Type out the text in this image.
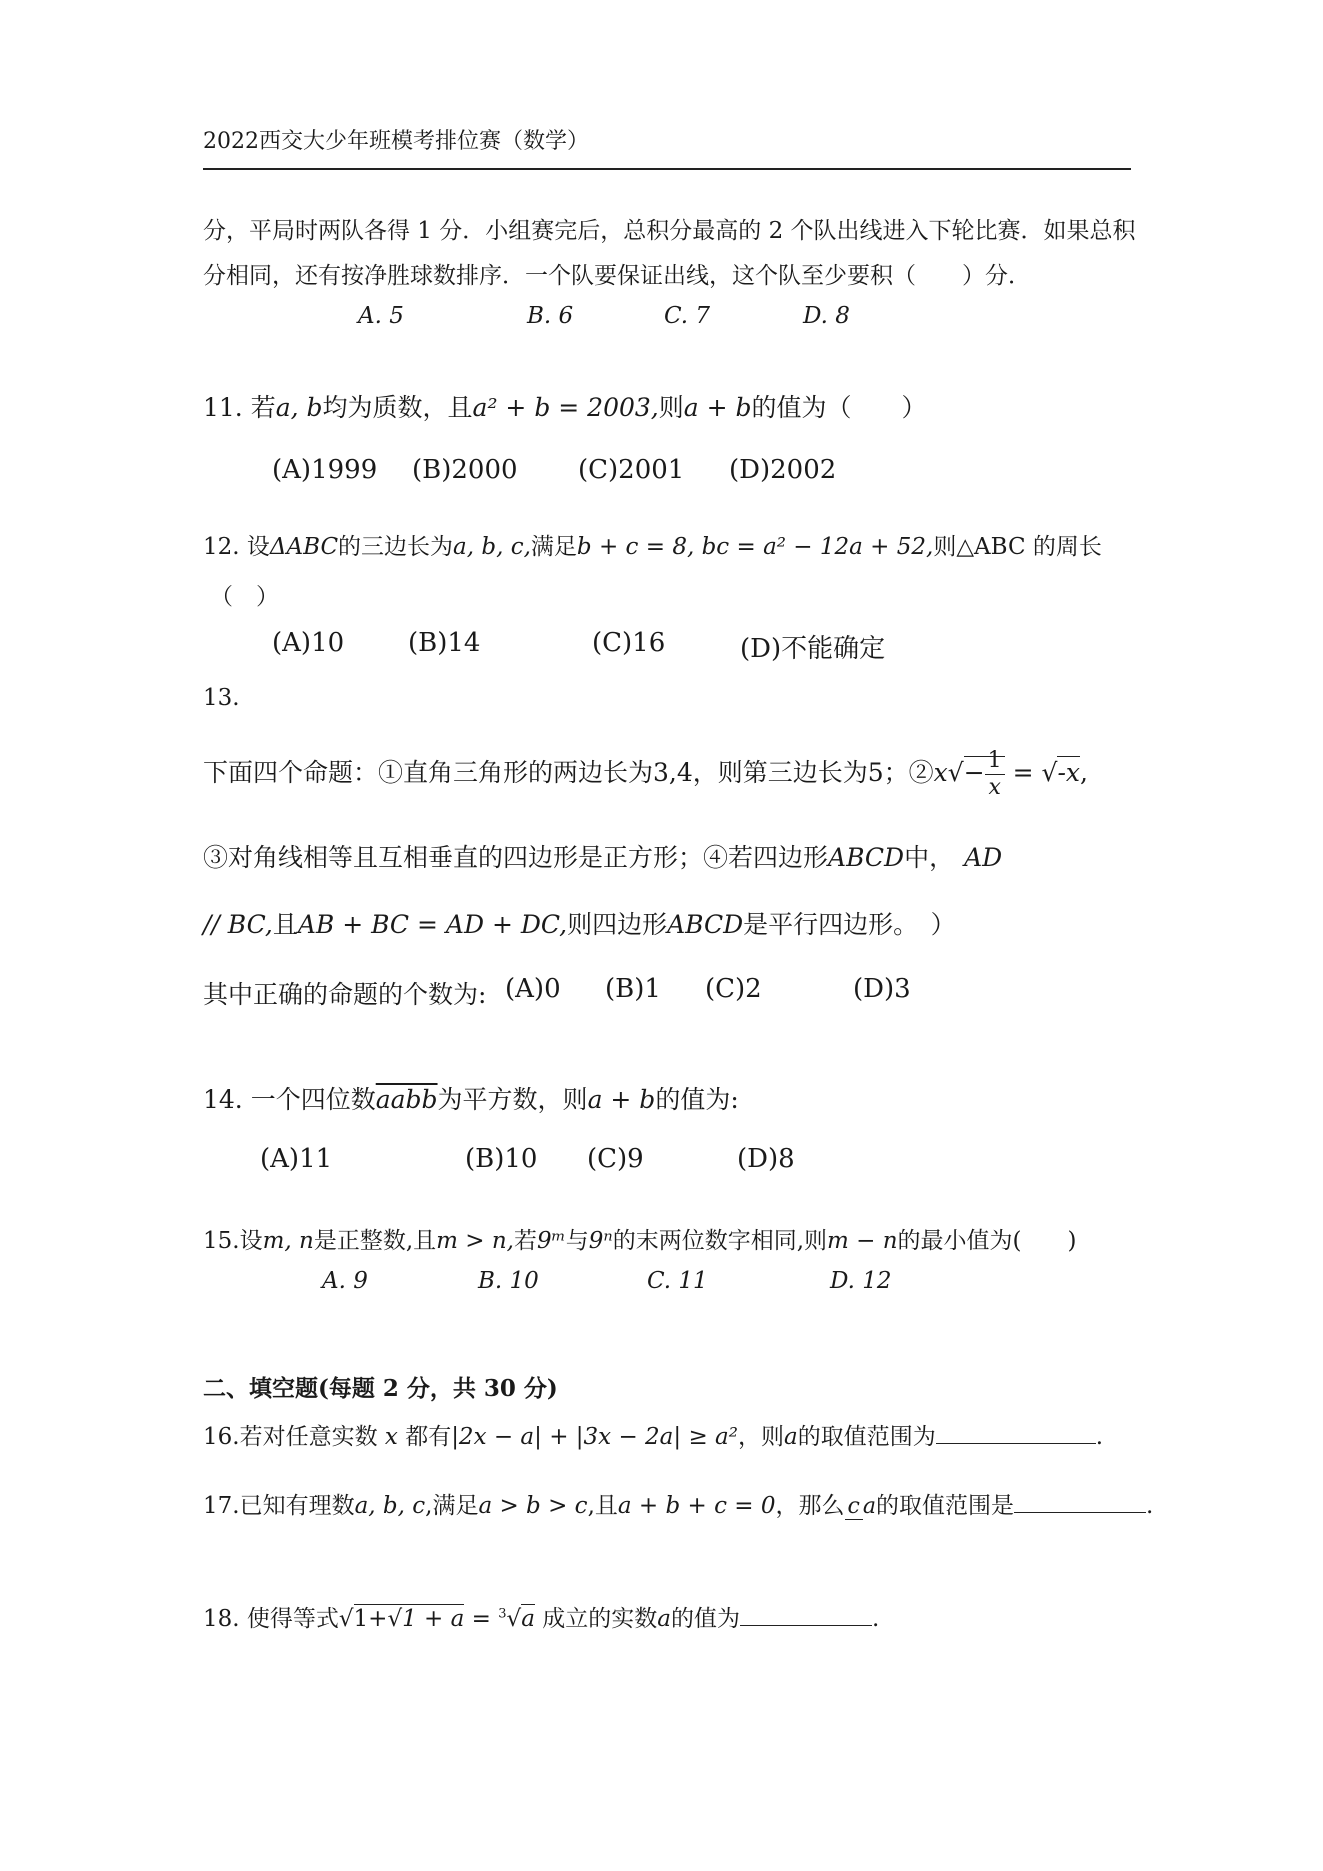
2022西交大少年班模考排位赛（数学）
分，平局时两队各得 1 分．小组赛完后，总积分最高的 2 个队出线进入下轮比赛．如果总积
分相同，还有按净胜球数排序．一个队要保证出线，这个队至少要积（　　）分．
A. 5	B. 6	C. 7	D. 8
11. 若a, b均为质数，且a² + b = 2003,则a + b的值为（　　）
(A)1999 (B)2000 (C)2001 (D)2002
12. 设ΔABC的三边长为a, b, c,满足b + c = 8, bc = a² − 12a + 52,则△ABC 的周长
（　）
(A)10 (B)14	(C)16	(D)不能确定
13.
下面四个命题：①直角三角形的两边长为3,4，则第三边长为5；②x√− $\frac{1}{x} = √-x$,
③对角线相等且互相垂直的四边形是正方形；④若四边形ABCD中， AD
// BC,且AB + BC = AD + DC,则四边形ABCD是平行四边形。　）
其中正确的命题的个数为: (A)0 (B)1 (C)2	(D)3
14. 一个四位数aabb为平方数，则a + b的值为:
(A)11	(B)10 (C)9	(D)8
15.设m, n是正整数,且m > n,若9ᵐ与9ⁿ的末两位数字相同,则m − n的最小值为(　　)
A. 9	B. 10	C. 11	D. 12
二、填空题(每题 2 分，共 30 分)
16.若对任意实数 x 都有|2x − a| + |3x − 2a| ≥ a²，则a的取值范围为	.
17.已知有理数a, b, c,满足a > b > c,且a + b + c = 0，那么 c a的取值范围是	.
18. 使得等式√1+√1 + a = $^3$√a 成立的实数a的值为	.
